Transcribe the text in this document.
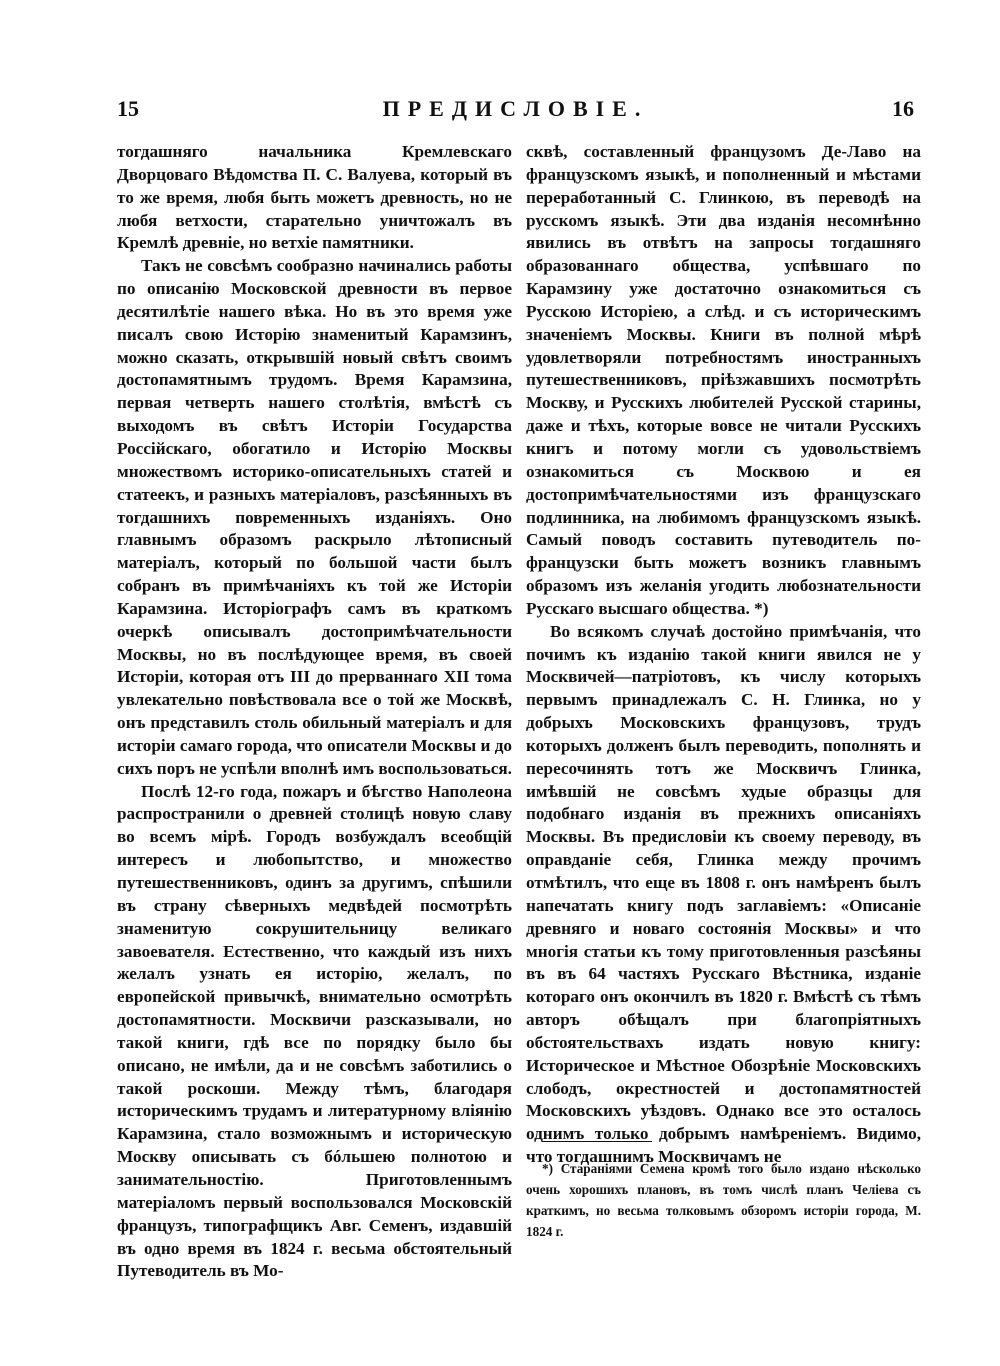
15	ПРЕДИСЛОВІЕ.	16

тогдашняго начальника Кремлевскаго Дворцоваго Вѣдомства П. С. Валуева, который въ то же время, любя быть можетъ древность, но не любя ветхости, старательно уничтожалъ въ Кремлѣ древніе, но ветхіе памятники.

Такъ не совсѣмъ сообразно начинались работы по описанію Московской древности въ первое десятилѣтіе нашего вѣка. Но въ это время уже писалъ свою Исторію знаменитый Карамзинъ, можно сказать, открывшій новый свѣтъ своимъ достопамятнымъ трудомъ. Время Карамзина, первая четверть нашего столѣтія, вмѣстѣ съ выходомъ въ свѣтъ Исторіи Государства Россійскаго, обогатило и Исторію Москвы множествомъ историко-описательныхъ статей и статеекъ, и разныхъ матеріаловъ, разсѣянныхъ въ тогдашнихъ повременныхъ изданіяхъ. Оно главнымъ образомъ раскрыло лѣтописный матеріалъ, который по большой части былъ собранъ въ примѣчаніяхъ къ той же Исторіи Карамзина. Исторіографъ самъ въ краткомъ очеркѣ описывалъ достопримѣчательности Москвы, но въ послѣдующее время, въ своей Исторіи, которая отъ III до прерваннаго XII тома увлекательно повѣствовала все о той же Москвѣ, онъ представилъ столь обильный матеріалъ и для исторіи самаго города, что описатели Москвы и до сихъ поръ не успѣли вполнѣ имъ воспользоваться.

Послѣ 12-го года, пожаръ и бѣгство Наполеона распространили о древней столицѣ новую славу во всемъ мірѣ. Городъ возбуждалъ всеобщій интересъ и любопытство, и множество путешественниковъ, одинъ за другимъ, спѣшили въ страну сѣверныхъ медвѣдей посмотрѣть знаменитую сокрушительницу великаго завоевателя. Естественно, что каждый изъ нихъ желалъ узнать ея исторію, желалъ, по европейской привычкѣ, внимательно осмотрѣть достопамятности. Москвичи разсказывали, но такой книги, гдѣ все по порядку было бы описано, не имѣли, да и не совсѣмъ заботились о такой роскоши. Между тѣмъ, благодаря историческимъ трудамъ и литературному вліянію Карамзина, стало возможнымъ и историческую Москву описывать съ бóльшею полнотою и занимательностію. Приготовленнымъ матеріаломъ первый воспользовался Московскій французъ, типографщикъ Авг. Семенъ, издавшій въ одно время въ 1824 г. весьма обстоятельный Путеводитель въ Мо-

сквѣ, составленный французомъ Де-Лаво на французскомъ языкѣ, и пополненный и мѣстами переработанный С. Глинкою, въ переводѣ на русскомъ языкѣ. Эти два изданія несомнѣнно явились въ отвѣтъ на запросы тогдашняго образованнаго общества, успѣвшаго по Карамзину уже достаточно ознакомиться съ Русскою Исторіею, а слѣд. и съ историческимъ значеніемъ Москвы. Книги въ полной мѣрѣ удовлетворяли потребностямъ иностранныхъ путешественниковъ, пріѣзжавшихъ посмотрѣть Москву, и Русскихъ любителей Русской старины, даже и тѣхъ, которые вовсе не читали Русскихъ книгъ и потому могли съ удовольствіемъ ознакомиться съ Москвою и ея достопримѣчательностями изъ французскаго подлинника, на любимомъ французскомъ языкѣ. Самый поводъ составить путеводитель по-французски быть можетъ возникъ главнымъ образомъ изъ желанія угодить любознательности Русскаго высшаго общества. *)

Во всякомъ случаѣ достойно примѣчанія, что почимъ къ изданію такой книги явился не у Москвичей—патріотовъ, къ числу которыхъ первымъ принадлежалъ С. Н. Глинка, но у добрыхъ Московскихъ французовъ, трудъ которыхъ долженъ былъ переводить, пополнять и пересочинять тотъ же Москвичъ Глинка, имѣвшій не совсѣмъ худые образцы для подобнаго изданія въ прежнихъ описаніяхъ Москвы. Въ предисловіи къ своему переводу, въ оправданіе себя, Глинка между прочимъ отмѣтилъ, что еще въ 1808 г. онъ намѣренъ былъ напечатать книгу подъ заглавіемъ: «Описаніе древняго и новаго состоянія Москвы» и что многія статьи къ тому приготовленныя разсѣяны въ въ 64 частяхъ Русскаго Вѣстника, изданіе котораго онъ окончилъ въ 1820 г. Вмѣстѣ съ тѣмъ авторъ обѣщалъ при благопріятныхъ обстоятельствахъ издать новую книгу: Историческое и Мѣстное Обозрѣніе Московскихъ слободъ, окрестностей и достопамятностей Московскихъ уѣздовъ. Однако все это осталось однимъ только добрымъ намѣреніемъ. Видимо, что тогдашнимъ Москвичамъ не

*) Стараніями Семена кромѣ того было издано нѣсколько очень хорошихъ плановъ, въ томъ числѣ планъ Челіева съ краткимъ, но весьма толковымъ обзоромъ исторіи города, М. 1824 г.
